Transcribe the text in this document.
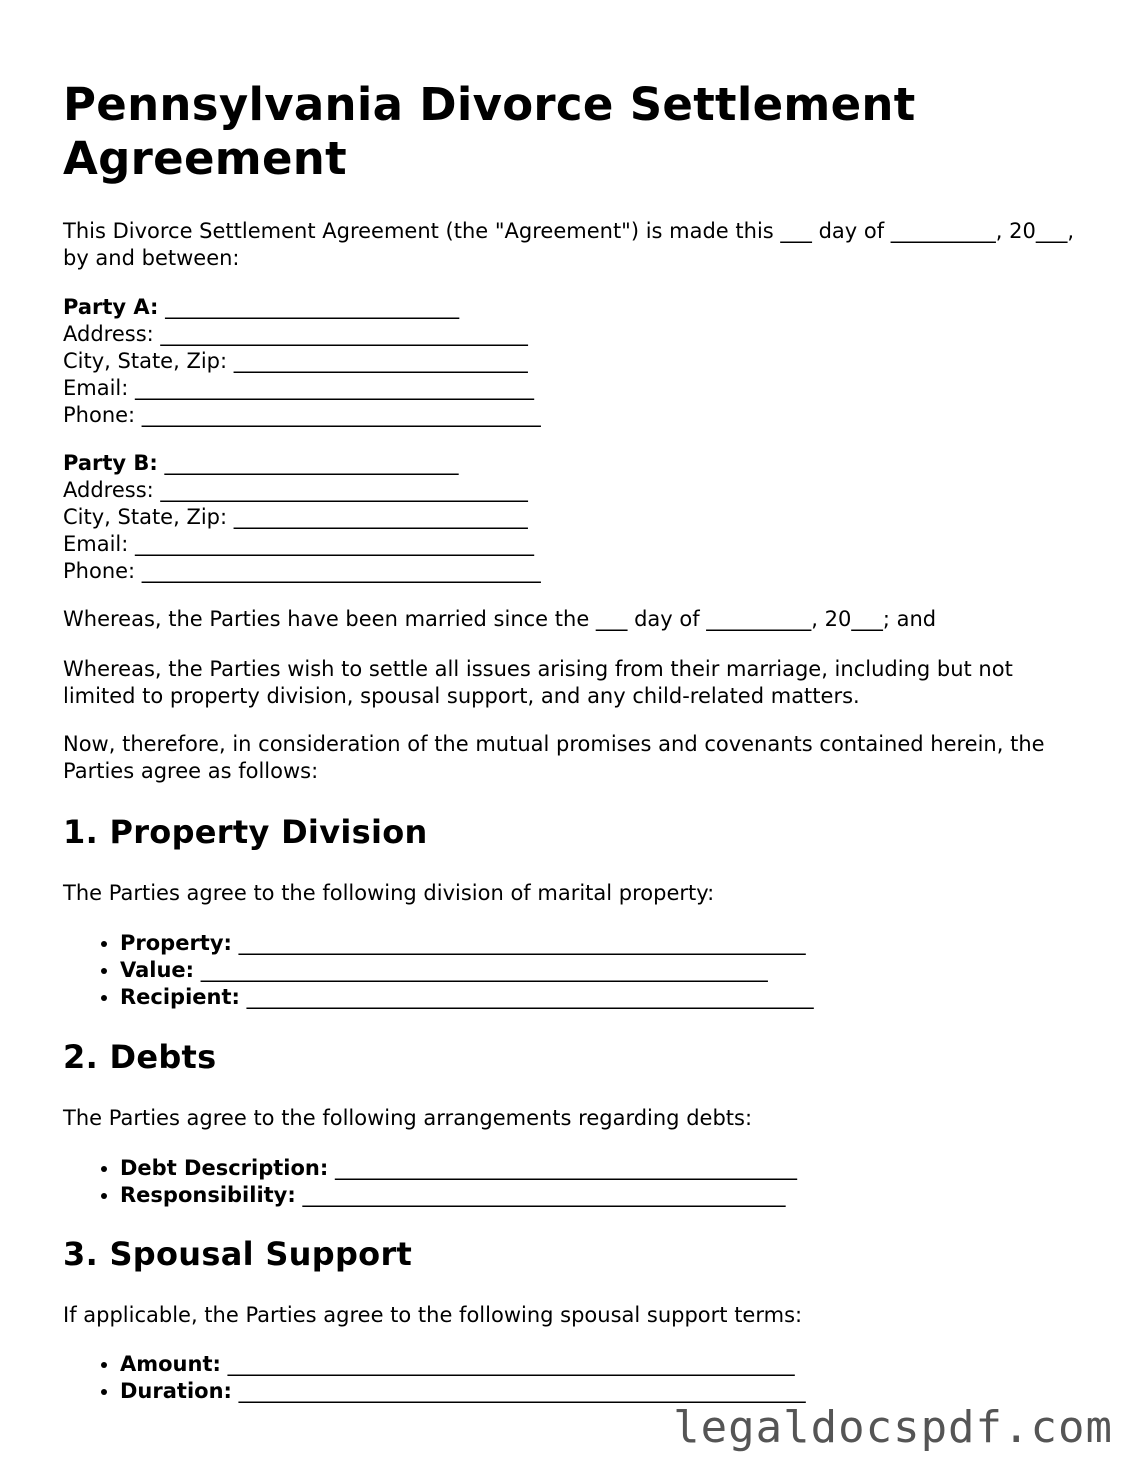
Pennsylvania Divorce Settlement Agreement

This Divorce Settlement Agreement (the "Agreement") is made this ___ day of __________, 20___, by and between:

Party A: ____________________________
Address: ___________________________________
City, State, Zip: ____________________________
Email: ______________________________________
Phone: ______________________________________
Party B: ____________________________
Address: ___________________________________
City, State, Zip: ____________________________
Email: ______________________________________
Phone: ______________________________________

Whereas, the Parties have been married since the ___ day of __________, 20___; and

Whereas, the Parties wish to settle all issues arising from their marriage, including but not limited to property division, spousal support, and any child-related matters.

Now, therefore, in consideration of the mutual promises and covenants contained herein, the Parties agree as follows:

1. Property Division

The Parties agree to the following division of marital property:

• Property: ______________________________________________________
• Value: ______________________________________________________
• Recipient: ______________________________________________________
2. Debts

The Parties agree to the following arrangements regarding debts:

• Debt Description: ____________________________________________
• Responsibility: ______________________________________________
3. Spousal Support

If applicable, the Parties agree to the following spousal support terms:

• Amount: ______________________________________________________
• Duration: ______________________________________________________
legaldocspdf.com
